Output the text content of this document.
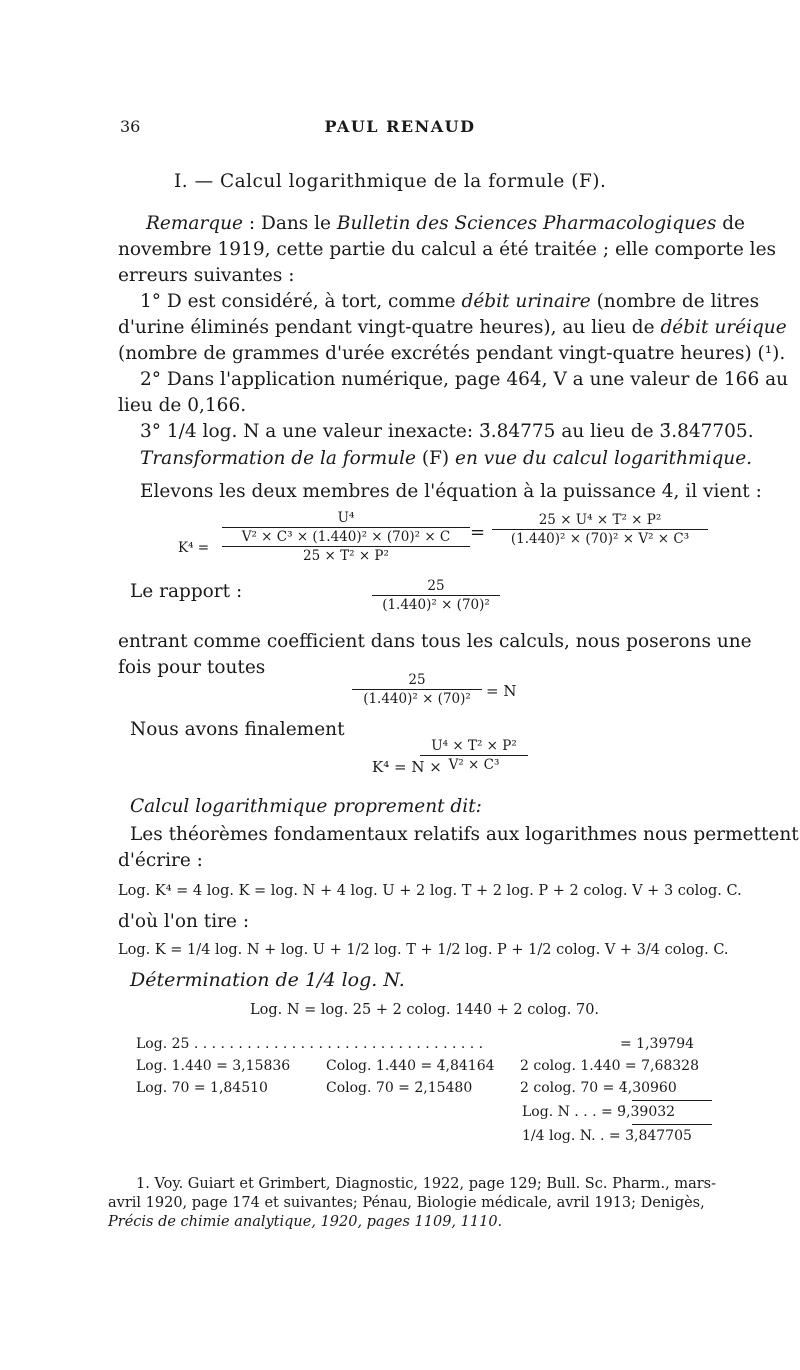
36	PAUL RENAUD
I. — Calcul logarithmique de la formule (F).
Remarque : Dans le Bulletin des Sciences Pharmacologiques de
novembre 1919, cette partie du calcul a été traitée ; elle comporte les
erreurs suivantes :
1° D est considéré, à tort, comme débit urinaire (nombre de litres
d'urine éliminés pendant vingt-quatre heures), au lieu de débit uréique
(nombre de grammes d'urée excrétés pendant vingt-quatre heures) (¹).
2° Dans l'application numérique, page 464, V a une valeur de 166 au
lieu de 0,166.
3° 1/4 log. N a une valeur inexacte: 3̄.84775 au lieu de 3̄.847705.
Transformation de la formule (F) en vue du calcul logarithmique.
Elevons les deux membres de l'équation à la puissance 4, il vient :
K⁴ =
U⁴
V² × C³ × (1.440)² × (70)² × C
25 × T² × P²
=
25 × U⁴ × T² × P²
(1.440)² × (70)² × V² × C³
Le rapport :	25
(1.440)² × (70)²
entrant comme coefficient dans tous les calculs, nous poserons une
fois pour toutes
25
(1.440)² × (70)²	= N
Nous avons finalement
K⁴ = N ×
U⁴ × T² × P²
V² × C³
Calcul logarithmique proprement dit:
Les théorèmes fondamentaux relatifs aux logarithmes nous permettent
d'écrire :
Log. K⁴ = 4 log. K = log. N + 4 log. U + 2 log. T + 2 log. P + 2 colog. V + 3 colog. C.
d'où l'on tire :
Log. K = 1/4 log. N + log. U + 1/2 log. T + 1/2 log. P + 1/2 colog. V + 3/4 colog. C.
Détermination de 1/4 log. N.
Log. N = log. 25 + 2 colog. 1440 + 2 colog. 70.
Log. 25 . . . . . . . . . . . . . . . . . . . . . . . . . . . . . . . . .	= 1,39794
Log. 1.440 = 3,15836	Colog. 1.440 = 4̄,84164 2 colog. 1.440 = 7̄,68328
Log. 70 = 1,84510	Colog. 70 = 2̄,15480	2 colog. 70 = 4̄,30960
Log. N . . . = 9̄,39032
1/4 log. N. . = 3̄,847705
1. Voy. Guiart et Grimbert, Diagnostic, 1922, page 129; Bull. Sc. Pharm., mars-
avril 1920, page 174 et suivantes; Pénau, Biologie médicale, avril 1913; Denigès,
Précis de chimie analytique, 1920, pages 1109, 1110.
